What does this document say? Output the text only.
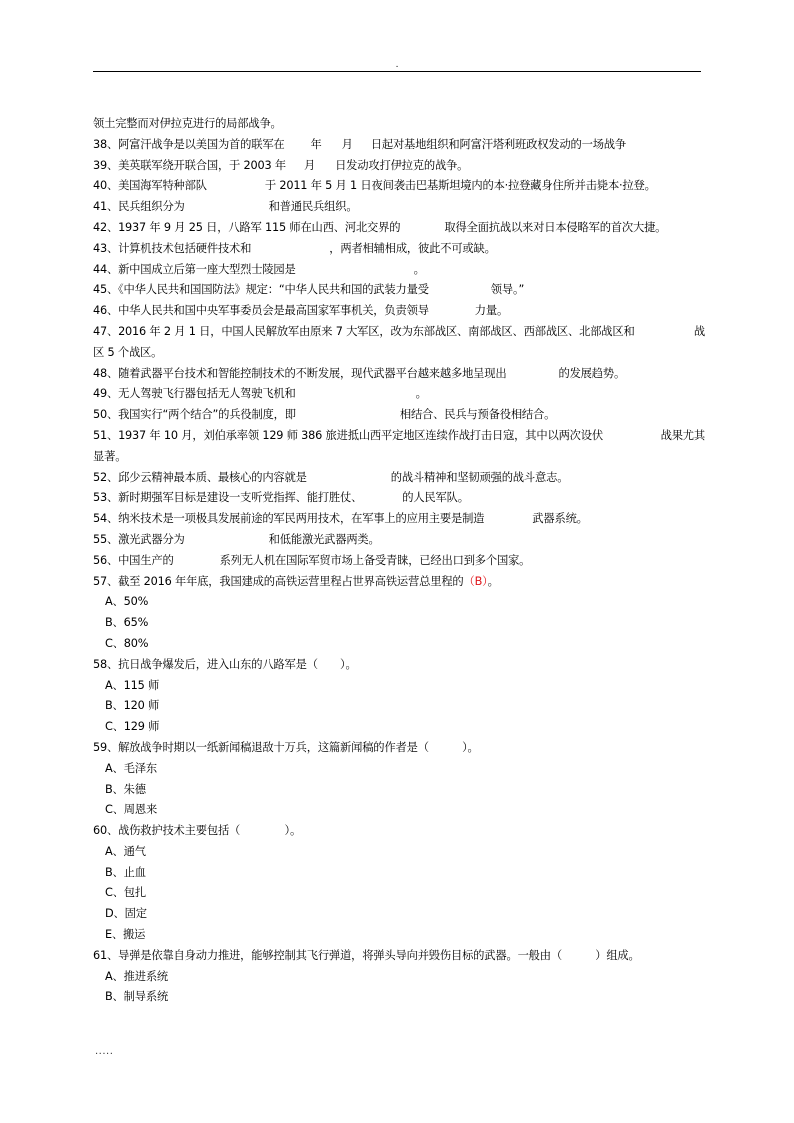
.
领土完整而对伊拉克进行的局部战争。
38、阿富汗战争是以美国为首的联军在 年 月 日起对基地组织和阿富汗塔利班政权发动的一场战争
39、美英联军绕开联合国，于 2003 年 月 日发动攻打伊拉克的战争。
40、美国海军特种部队	于 2011 年 5 月 1 日夜间袭击巴基斯坦境内的本·拉登藏身住所并击毙本·拉登。
41、民兵组织分为	和普通民兵组织。
42、1937 年 9 月 25 日，八路军 115 师在山西、河北交界的	取得全面抗战以来对日本侵略军的首次大捷。
43、计算机技术包括硬件技术和	，两者相辅相成，彼此不可或缺。
44、新中国成立后第一座大型烈士陵园是	。
45、《中华人民共和国国防法》规定：“中华人民共和国的武装力量受	领导。”
46、中华人民共和国中央军事委员会是最高国家军事机关，负责领导	力量。
47、2016 年 2 月 1 日，中国人民解放军由原来 7 大军区，改为东部战区、南部战区、西部战区、北部战区和	战
区 5 个战区。
48、随着武器平台技术和智能控制技术的不断发展，现代武器平台越来越多地呈现出	的发展趋势。
49、无人驾驶飞行器包括无人驾驶飞机和	。
50、我国实行“两个结合”的兵役制度，即	相结合、民兵与预备役相结合。
51、1937 年 10 月，刘伯承率领 129 师 386 旅进抵山西平定地区连续作战打击日寇，其中以两次设伏	战果尤其
显著。
52、邱少云精神最本质、最核心的内容就是	的战斗精神和坚韧顽强的战斗意志。
53、新时期强军目标是建设一支听党指挥、能打胜仗、	的人民军队。
54、纳米技术是一项极具发展前途的军民两用技术，在军事上的应用主要是制造	武器系统。
55、激光武器分为	和低能激光武器两类。
56、中国生产的	系列无人机在国际军贸市场上备受青睐，已经出口到多个国家。
57、截至 2016 年年底，我国建成的高铁运营里程占世界高铁运营总里程的（B）。
A、50%
B、65%
C、80%
58、抗日战争爆发后，进入山东的八路军是（　　）。
A、115 师
B、120 师
C、129 师
59、解放战争时期以一纸新闻稿退敌十万兵，这篇新闻稿的作者是（　　　）。
A、毛泽东
B、朱德
C、周恩来
60、战伤救护技术主要包括（　　　　）。
A、通气
B、止血
C、包扎
D、固定
E、搬运
61、导弹是依靠自身动力推进，能够控制其飞行弹道，将弹头导向并毁伤目标的武器。一般由（　　　）组成。
A、推进系统
B、制导系统
.....
